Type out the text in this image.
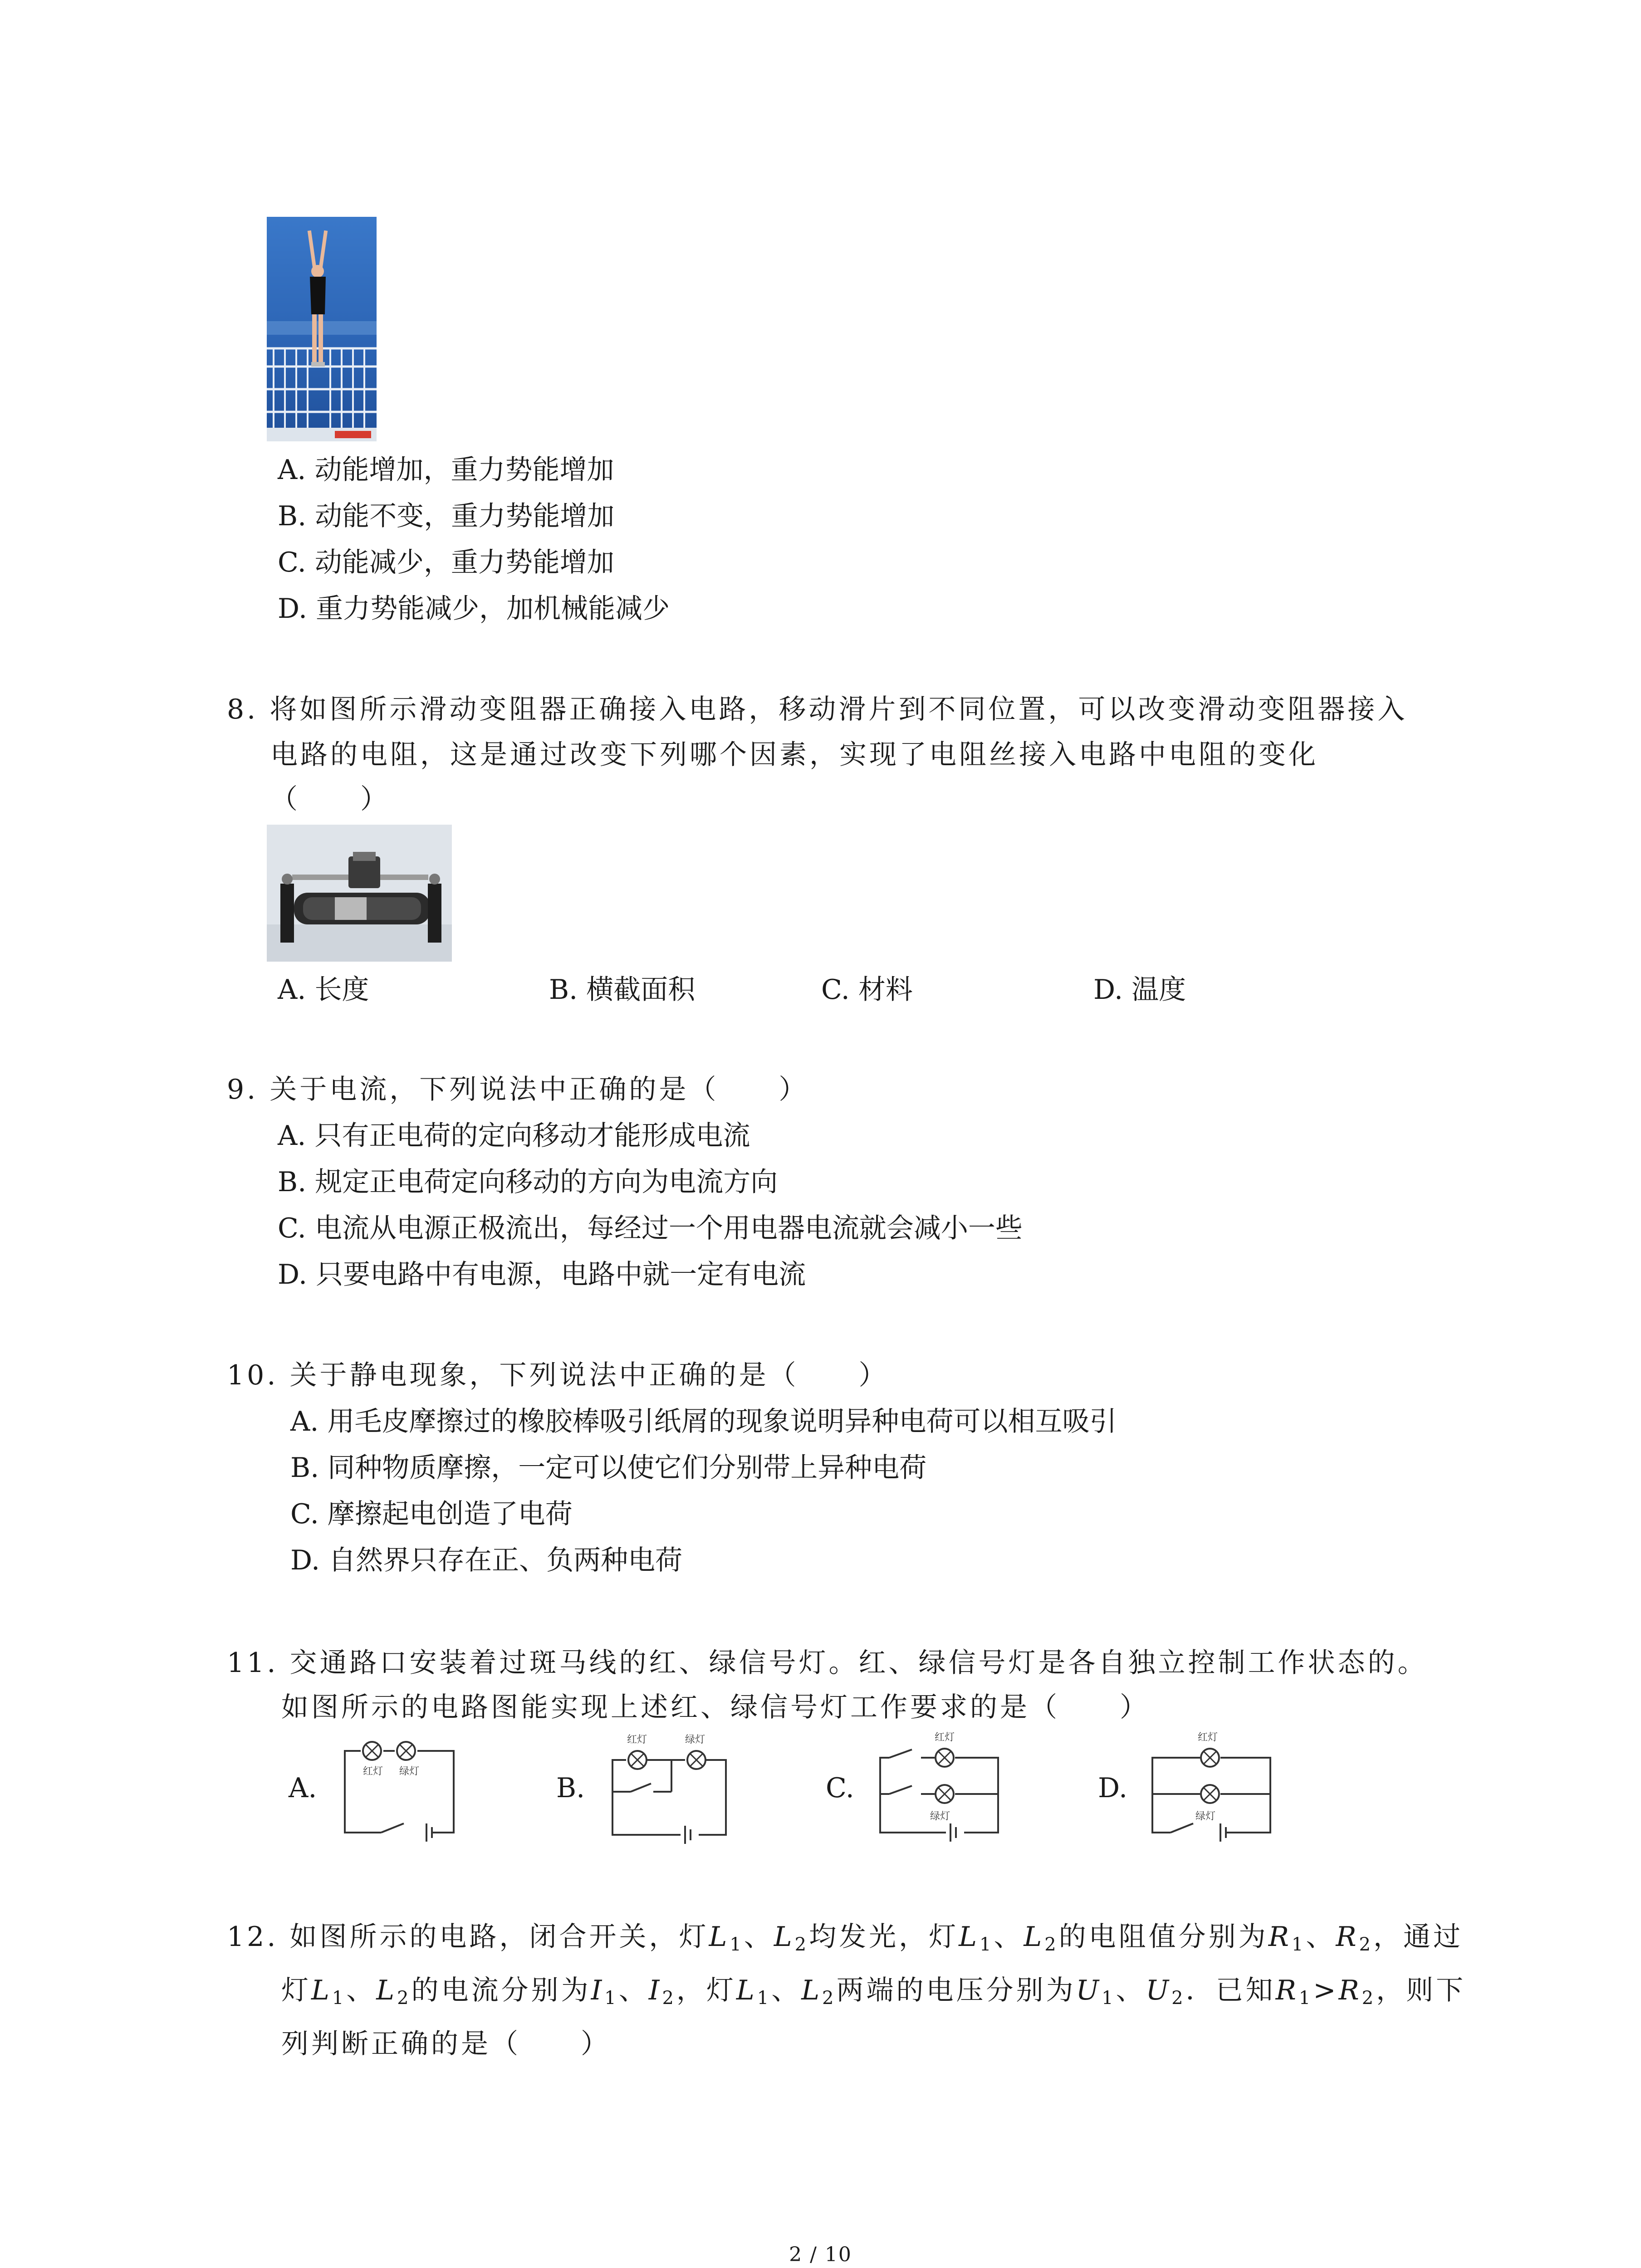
A. 动能增加，重力势能增加
B. 动能不变，重力势能增加
C. 动能减少，重力势能增加
D. 重力势能减少，加机械能减少
8. 将如图所示滑动变阻器正确接入电路，移动滑片到不同位置，可以改变滑动变阻器接入
电路的电阻，这是通过改变下列哪个因素，实现了电阻丝接入电路中电阻的变化
（　　）
A. 长度	B. 横截面积	C. 材料	D. 温度
9. 关于电流，下列说法中正确的是（　　）
A. 只有正电荷的定向移动才能形成电流
B. 规定正电荷定向移动的方向为电流方向
C. 电流从电源正极流出，每经过一个用电器电流就会减小一些
D. 只要电路中有电源，电路中就一定有电流
10. 关于静电现象，下列说法中正确的是（　　）
A. 用毛皮摩擦过的橡胶棒吸引纸屑的现象说明异种电荷可以相互吸引
B. 同种物质摩擦，一定可以使它们分别带上异种电荷
C. 摩擦起电创造了电荷
D. 自然界只存在正、负两种电荷
11. 交通路口安装着过斑马线的红、绿信号灯。红、绿信号灯是各自独立控制工作状态的。
如图所示的电路图能实现上述红、绿信号灯工作要求的是（　　）
A.
红灯 绿灯
B.
红灯	绿灯
C.
红灯
绿灯
D.
红灯
绿灯
12. 如图所示的电路，闭合开关，灯$L_1$、$L_2$均发光，灯$L_1$、$L_2$的电阻值分别为$R_1$、$R_2$，通过
灯$L_1$、$L_2$的电流分别为$I_1$、$I_2$，灯$L_1$、$L_2$两端的电压分别为$U_1$、$U_2$．已知$R_1>R_2$，则下
列判断正确的是（　　）
2 / 10
